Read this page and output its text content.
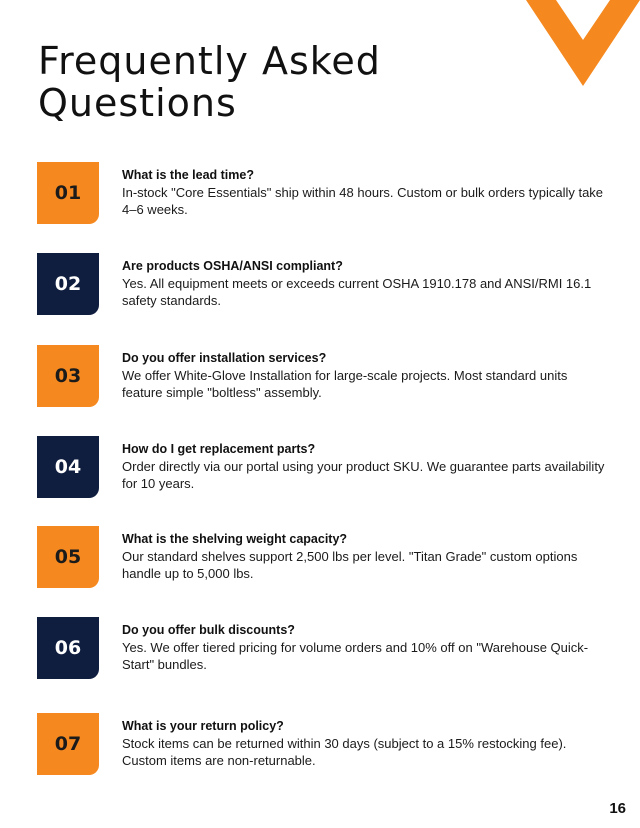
Frequently Asked
Questions
01
What is the lead time?
In-stock "Core Essentials" ship within 48 hours. Custom or bulk orders typically take 4–6 weeks.
02
Are products OSHA/ANSI compliant?
Yes. All equipment meets or exceeds current OSHA 1910.178 and ANSI/RMI 16.1 safety standards.
03
Do you offer installation services?
We offer White-Glove Installation for large-scale projects. Most standard units feature simple "boltless" assembly.
04
How do I get replacement parts?
Order directly via our portal using your product SKU. We guarantee parts availability for 10 years.
05
What is the shelving weight capacity?
Our standard shelves support 2,500 lbs per level. "Titan Grade" custom options handle up to 5,000 lbs.
06
Do you offer bulk discounts?
Yes. We offer tiered pricing for volume orders and 10% off on "Warehouse Quick-Start" bundles.
07
What is your return policy?
Stock items can be returned within 30 days (subject to a 15% restocking fee). Custom items are non-returnable.
16
